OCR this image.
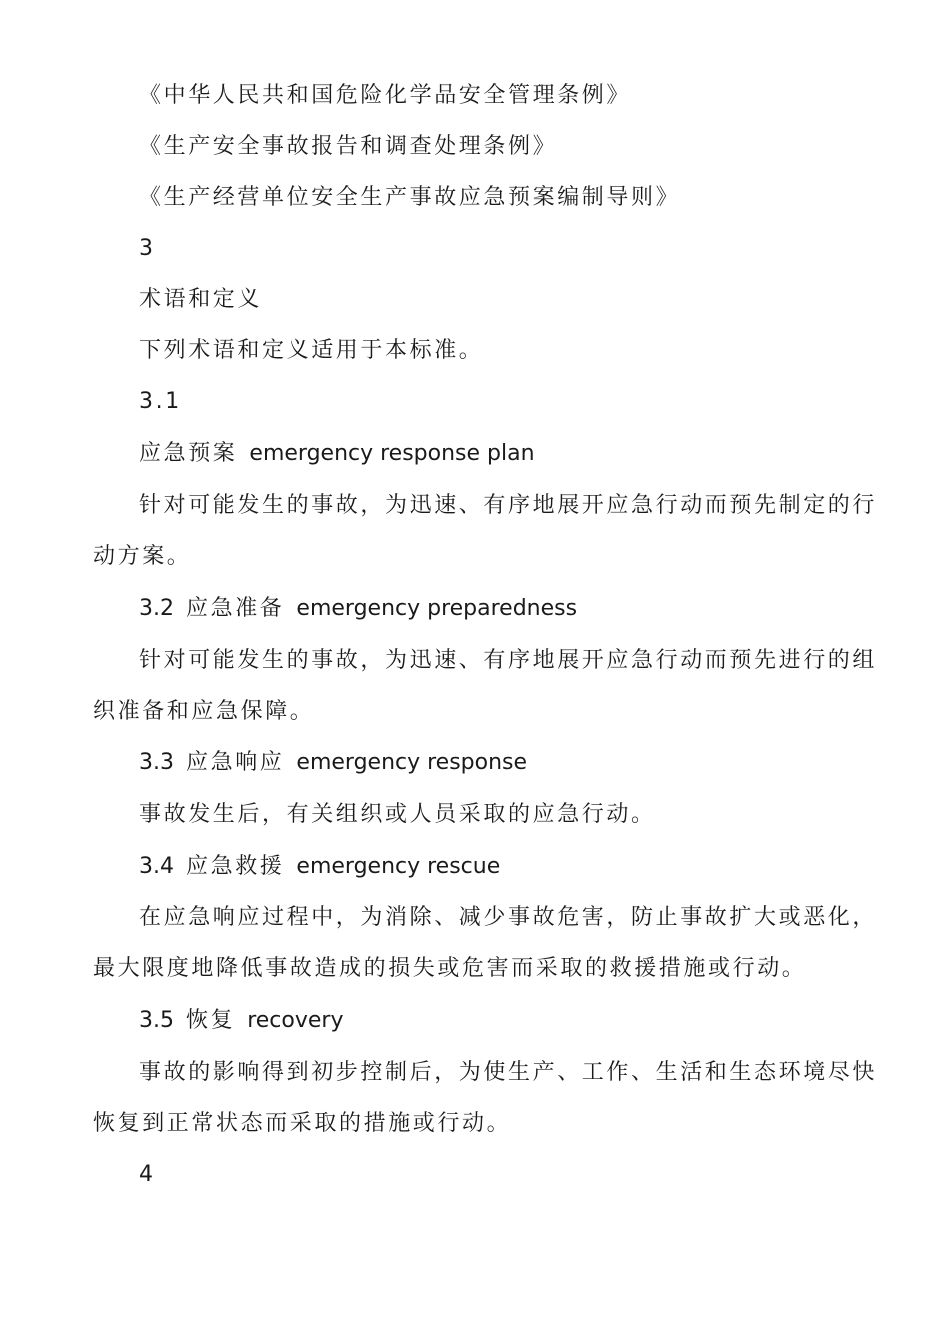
《中华人民共和国危险化学品安全管理条例》
《生产安全事故报告和调查处理条例》
《生产经营单位安全生产事故应急预案编制导则》
3
术语和定义
下列术语和定义适用于本标准。
3.1
应急预案 emergency response plan
针对可能发生的事故，为迅速、有序地展开应急行动而预先制定的行
动方案。
3.2 应急准备 emergency preparedness
针对可能发生的事故，为迅速、有序地展开应急行动而预先进行的组
织准备和应急保障。
3.3 应急响应 emergency response
事故发生后，有关组织或人员采取的应急行动。
3.4 应急救援 emergency rescue
在应急响应过程中，为消除、减少事故危害，防止事故扩大或恶化，
最大限度地降低事故造成的损失或危害而采取的救援措施或行动。
3.5 恢复 recovery
事故的影响得到初步控制后，为使生产、工作、生活和生态环境尽快
恢复到正常状态而采取的措施或行动。
4
